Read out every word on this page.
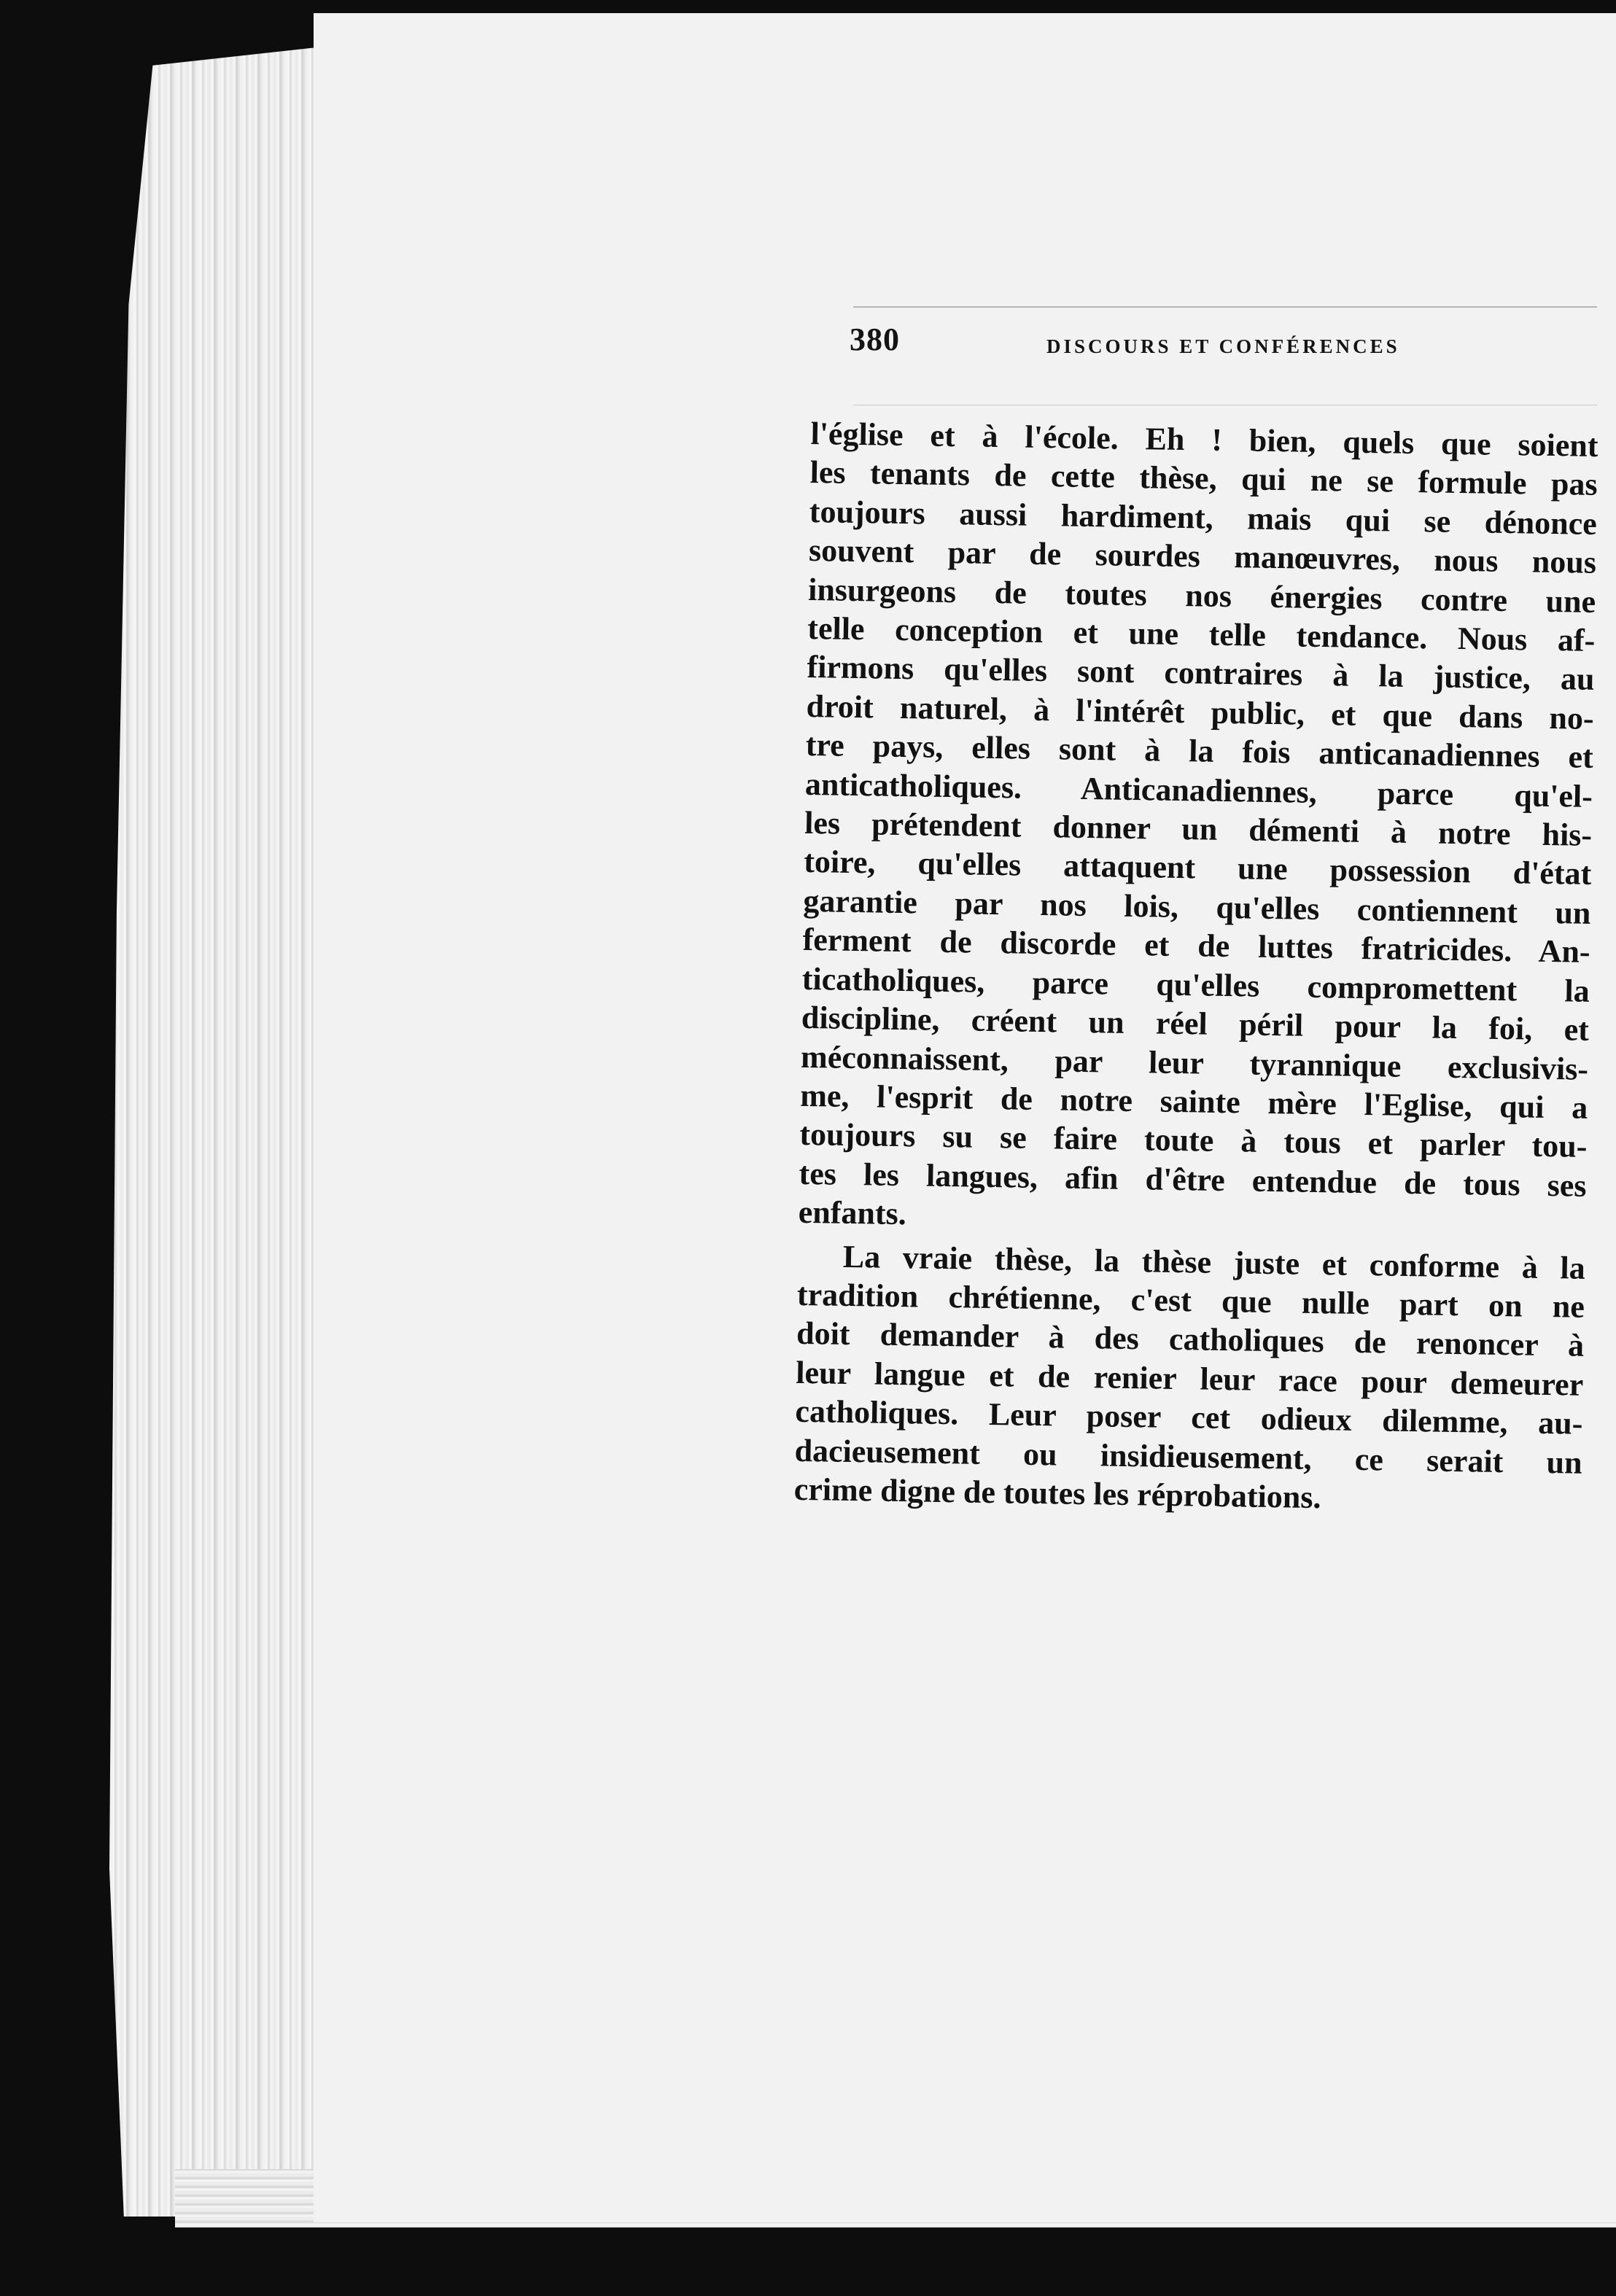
380	DISCOURS ET CONFÉRENCES

l'église et à l'école. Eh ! bien, quels que soient
les tenants de cette thèse, qui ne se formule pas
toujours aussi hardiment, mais qui se dénonce
souvent par de sourdes manœuvres, nous nous
insurgeons de toutes nos énergies contre une
telle conception et une telle tendance. Nous af-
firmons qu'elles sont contraires à la justice, au
droit naturel, à l'intérêt public, et que dans no-
tre pays, elles sont à la fois anticanadiennes et
anticatholiques. Anticanadiennes, parce qu'el-
les prétendent donner un démenti à notre his-
toire, qu'elles attaquent une possession d'état
garantie par nos lois, qu'elles contiennent un
ferment de discorde et de luttes fratricides. An-
ticatholiques, parce qu'elles compromettent la
discipline, créent un réel péril pour la foi, et
méconnaissent, par leur tyrannique exclusivis-
me, l'esprit de notre sainte mère l'Eglise, qui a
toujours su se faire toute à tous et parler tou-
tes les langues, afin d'être entendue de tous ses
enfants.

La vraie thèse, la thèse juste et conforme à la
tradition chrétienne, c'est que nulle part on ne
doit demander à des catholiques de renoncer à
leur langue et de renier leur race pour demeurer
catholiques. Leur poser cet odieux dilemme, au-
dacieusement ou insidieusement, ce serait un
crime digne de toutes les réprobations.
